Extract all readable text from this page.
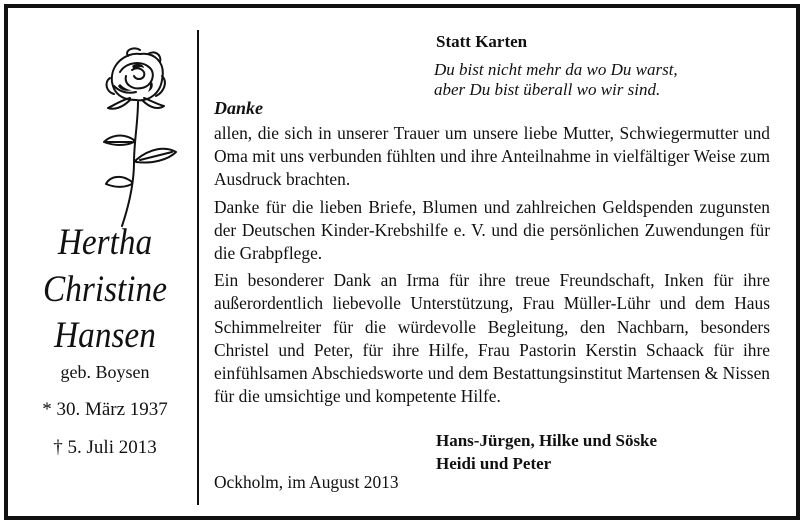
Hertha
Christine
Hansen
geb. Boysen
* 30. März 1937
† 5. Juli 2013
Statt Karten
Du bist nicht mehr da wo Du warst,
aber Du bist überall wo wir sind.
Danke

allen, die sich in unserer Trauer um unsere liebe Mutter, Schwiegermutter und Oma mit uns verbunden fühlten und ihre Anteilnahme in vielfältiger Weise zum Ausdruck brachten.

Danke für die lieben Briefe, Blumen und zahlreichen Geldspenden zugunsten der Deutschen Kinder-Krebshilfe e. V. und die persönlichen Zuwendungen für die Grabpflege.

Ein besonderer Dank an Irma für ihre treue Freundschaft, Inken für ihre außerordentlich liebevolle Unterstützung, Frau Müller-Lühr und dem Haus Schimmelreiter für die würdevolle Begleitung, den Nachbarn, besonders Christel und Peter, für ihre Hilfe, Frau Pastorin Kerstin Schaack für ihre einfühlsamen Abschiedsworte und dem Bestattungsinstitut Martensen & Nissen für die umsichtige und kompetente Hilfe.

Hans-Jürgen, Hilke und Söske
Heidi und Peter
Ockholm, im August 2013
